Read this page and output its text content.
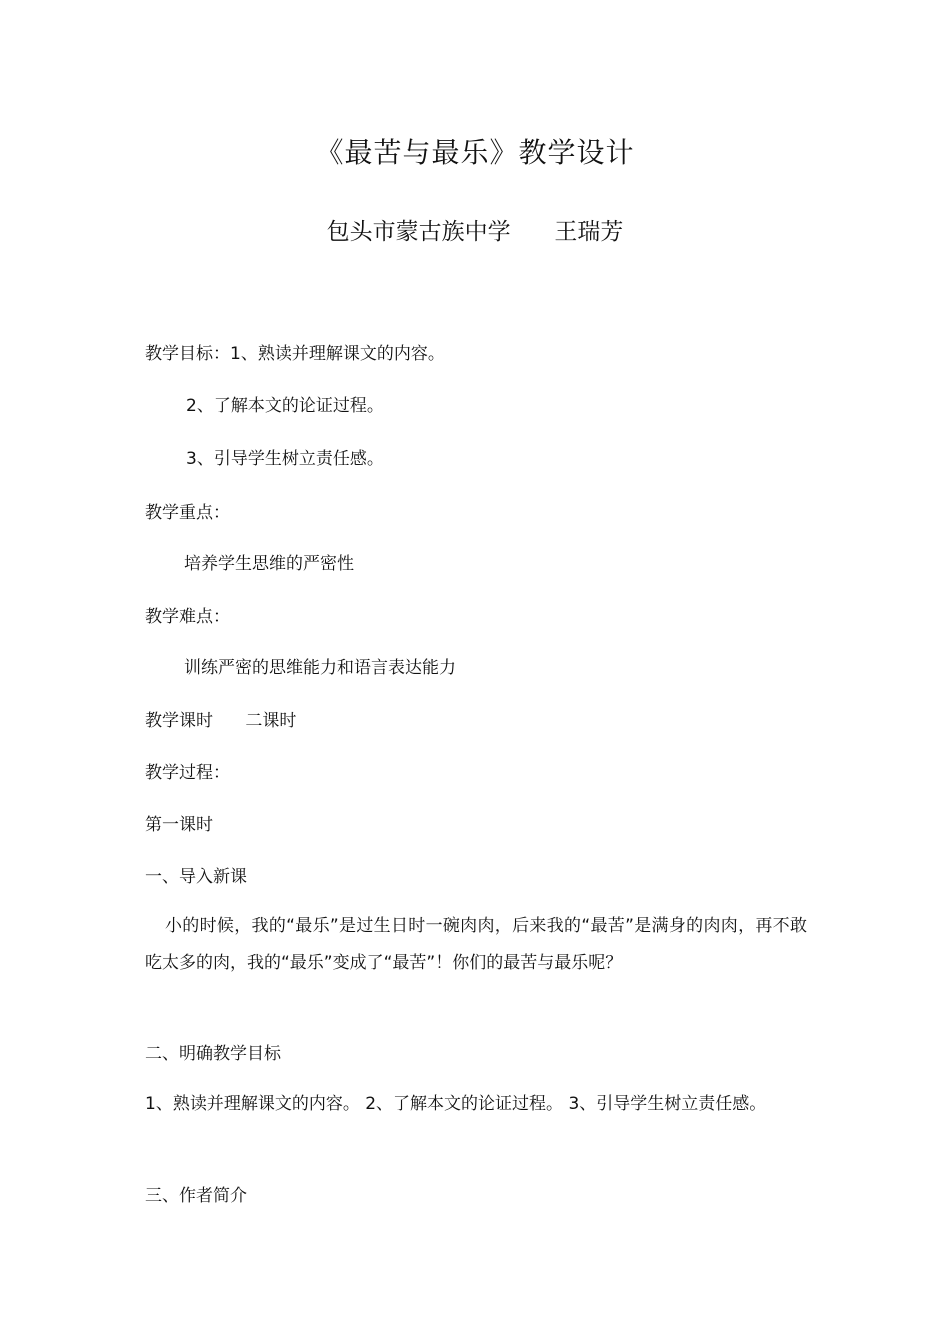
《最苦与最乐》教学设计
包头市蒙古族中学      王瑞芳
教学目标：1、熟读并理解课文的内容。
2、了解本文的论证过程。
3、引导学生树立责任感。
教学重点：
培养学生思维的严密性
教学难点：
训练严密的思维能力和语言表达能力
教学课时      二课时
教学过程：
第一课时
一、导入新课
小的时候，我的“最乐”是过生日时一碗肉肉，后来我的“最苦”是满身的肉肉，再不敢吃太多的肉，我的“最乐”变成了“最苦”！你们的最苦与最乐呢？
二、明确教学目标
1、熟读并理解课文的内容。 2、了解本文的论证过程。 3、引导学生树立责任感。
三、作者简介
